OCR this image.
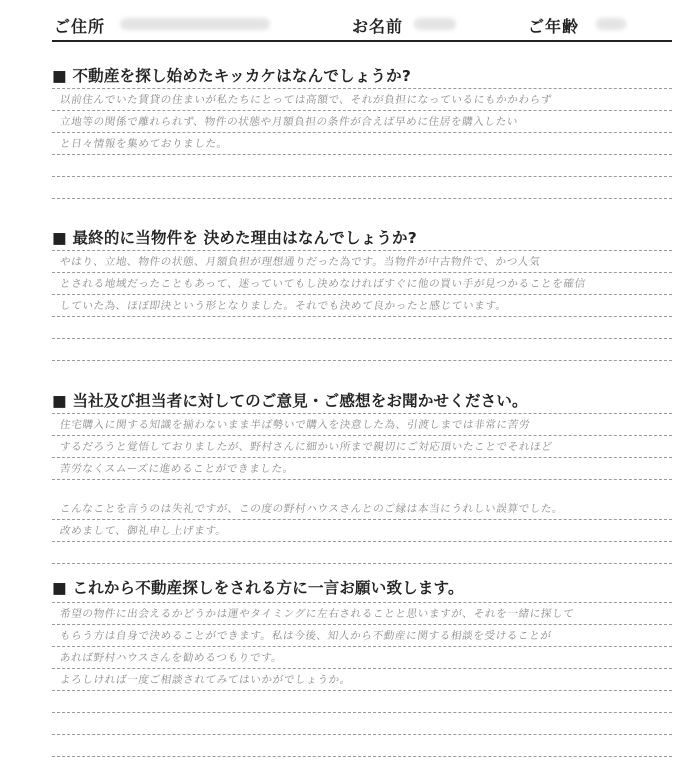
ご住所	お名前	ご年齢
■ 不動産を探し始めたキッカケはなんでしょうか?
以前住んでいた賃貸の住まいが私たちにとっては高額で、それが負担になっているにもかかわらず
立地等の関係で離れられず、物件の状態や月額負担の条件が合えば早めに住居を購入したい
と日々情報を集めておりました。
■ 最終的に当物件を 決めた理由はなんでしょうか?
やはり、立地、物件の状態、月額負担が理想通りだった為です。当物件が中古物件で、かつ人気
とされる地域だったこともあって、迷っていてもし決めなければすぐに他の買い手が見つかることを確信
していた為、ほぼ即決という形となりました。それでも決めて良かったと感じています。
■ 当社及び担当者に対してのご意見・ご感想をお聞かせください。
住宅購入に関する知識を揃わないまま半ば勢いで購入を決意した為、引渡しまでは非常に苦労
するだろうと覚悟しておりましたが、野村さんに細かい所まで親切にご対応頂いたことでそれほど
苦労なくスムーズに進めることができました。
こんなことを言うのは失礼ですが、この度の野村ハウスさんとのご縁は本当にうれしい誤算でした。
改めまして、御礼申し上げます。
■ これから不動産探しをされる方に一言お願い致します。
希望の物件に出会えるかどうかは運やタイミングに左右されることと思いますが、それを一緒に探して
もらう方は自身で決めることができます。私は今後、知人から不動産に関する相談を受けることが
あれば野村ハウスさんを勧めるつもりです。
よろしければ一度ご相談されてみてはいかがでしょうか。
